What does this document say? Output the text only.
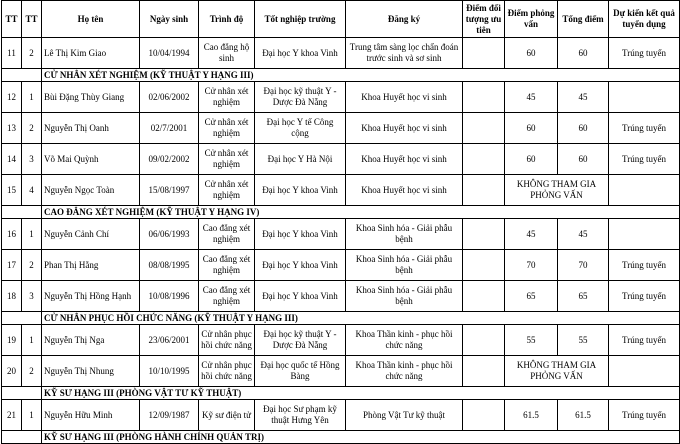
TT	TT	Họ tên	Ngày sinh	Trình độ	Tốt nghiệp trường	Đăng ký	Điểm đối tượng ưu tiên	Điểm phỏng vấn	Tổng điểm	Dự kiến kết quả tuyển dụng
11	2	Lê Thị Kim Giao	10/04/1994	Cao đẳng hộ sinh	Đại học Y khoa Vinh	Trung tâm sàng lọc chẩn đoán trước sinh và sơ sinh		60	60	Trúng tuyển
		CỬ NHÂN XÉT NGHIỆM (KỸ THUẬT Y HẠNG III)								
12	1	Bùi Đặng Thùy Giang	02/06/2002	Cử nhân xét nghiệm	Đại học kỹ thuật Y - Dược Đà Nẵng	Khoa Huyết học vi sinh		45	45	
13	2	Nguyễn Thị Oanh	02/7/2001	Cử nhân xét nghiệm	Đại học Y tế Công cộng	Khoa Huyết học vi sinh		60	60	Trúng tuyển
14	3	Võ Mai Quỳnh	09/02/2002	Cử nhân xét nghiệm	Đại học Y Hà Nội	Khoa Huyết học vi sinh		60	60	Trúng tuyển
15	4	Nguyễn Ngọc Toàn	15/08/1997	Cử nhân xét nghiệm	Đại học Y khoa Vinh	Khoa Huyết học vi sinh		KHÔNG THAM GIA PHỎNG VẤN		
		CAO ĐẲNG XÉT NGHIỆM (KỸ THUẬT Y HẠNG IV)								
16	1	Nguyễn Cảnh Chí	06/06/1993	Cao đẳng xét nghiệm	Đại học Y khoa Vinh	Khoa Sinh hóa - Giải phẫu bệnh		45	45	
17	2	Phan Thị Hằng	08/08/1995	Cao đẳng xét nghiệm	Đại học Y khoa Vinh	Khoa Sinh hóa - Giải phẫu bệnh		70	70	Trúng tuyển
18	3	Nguyễn Thị Hồng Hạnh	10/08/1996	Cao đẳng xét nghiệm	Đại học Y khoa Vinh	Khoa Sinh hóa - Giải phẫu bệnh		65	65	Trúng tuyển
		CỬ NHÂN PHỤC HỒI CHỨC NĂNG (KỸ THUẬT Y HẠNG III)								
19	1	Nguyễn Thị Nga	23/06/2001	Cử nhân phục hồi chức năng	Đại học kỹ thuật Y - Dược Đà Nẵng	Khoa Thần kinh - phục hồi chức năng		55	55	Trúng tuyển
20	2	Nguyễn Thị Nhung	10/10/1995	Cử nhân phục hồi chức năng	Đại học quốc tế Hồng Bàng	Khoa Thần kinh - phục hồi chức năng		KHÔNG THAM GIA PHỎNG VẤN		
		KỸ SƯ HẠNG III (PHÒNG VẬT TƯ KỸ THUẬT)								
21	1	Nguyễn Hữu Minh	12/09/1987	Kỹ sư điện tử	Đại học Sư phạm kỹ thuật Hưng Yên	Phòng Vật Tư kỹ thuật		61.5	61.5	Trúng tuyển
		KỸ SƯ HẠNG III (PHÒNG HÀNH CHÍNH QUẢN TRỊ)								
